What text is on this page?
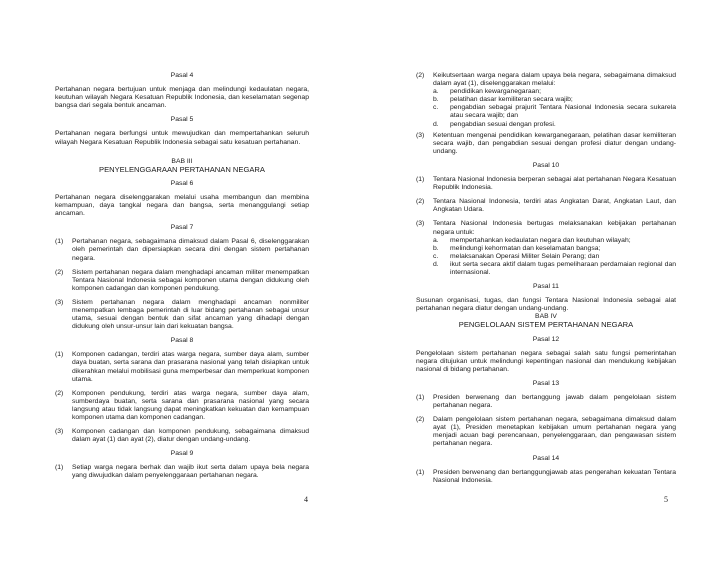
Pasal 4
Pertahanan negara bertujuan untuk menjaga dan melindungi kedaulatan negara, keutuhan wilayah Negara Kesatuan Republik Indonesia, dan keselamatan segenap bangsa dari segala bentuk ancaman.
Pasal 5
Pertahanan negara berfungsi untuk mewujudkan dan mempertahankan seluruh wilayah Negara Kesatuan Republik Indonesia sebagai satu kesatuan pertahanan.
BAB III
PENYELENGGARAAN PERTAHANAN NEGARA
Pasal 6
Pertahanan negara diselenggarakan melalui usaha membangun dan membina kemampuan, daya tangkal negara dan bangsa, serta menanggulangi setiap ancaman.
Pasal 7
(1)	Pertahanan negara, sebagaimana dimaksud dalam Pasal 6, diselenggarakan oleh pemerintah dan dipersiapkan secara dini dengan sistem pertahanan negara.
(2)	Sistem pertahanan negara dalam menghadapi ancaman militer menempatkan Tentara Nasional Indonesia sebagai komponen utama dengan didukung oleh komponen cadangan dan komponen pendukung.
(3)	Sistem pertahanan negara dalam menghadapi ancaman nonmiliter menempatkan lembaga pemerintah di luar bidang pertahanan sebagai unsur utama, sesuai dengan bentuk dan sifat ancaman yang dihadapi dengan didukung oleh unsur-unsur lain dari kekuatan bangsa.
Pasal 8
(1)	Komponen cadangan, terdiri atas warga negara, sumber daya alam, sumber daya buatan, serta sarana dan prasarana nasional yang telah disiapkan untuk dikerahkan melalui mobilisasi guna memperbesar dan memperkuat komponen utama.
(2)	Komponen pendukung, terdiri atas warga negara, sumber daya alam, sumberdaya buatan, serta sarana dan prasarana nasional yang secara langsung atau tidak langsung dapat meningkatkan kekuatan dan kemampuan komponen utama dan komponen cadangan.
(3)	Komponen cadangan dan komponen pendukung, sebagaimana dimaksud dalam ayat (1) dan ayat (2), diatur dengan undang-undang.
Pasal 9
(1)	Setiap warga negara berhak dan wajib ikut serta dalam upaya bela negara yang diwujudkan dalam penyelenggaraan pertahanan negara.
4
(2)	Keikutsertaan warga negara dalam upaya bela negara, sebagaimana dimaksud dalam ayat (1), diselenggarakan melalui:
a.	pendidikan kewarganegaraan;
b.	pelatihan dasar kemiliteran secara wajib;
c.	pengabdian sebagai prajurit Tentara Nasional Indonesia secara sukarela atau secara wajib; dan
d.	pengabdian sesuai dengan profesi.
(3)	Ketentuan mengenai pendidikan kewarganegaraan, pelatihan dasar kemiliteran secara wajib, dan pengabdian sesuai dengan profesi diatur dengan undang-undang.
Pasal 10
(1)	Tentara Nasional Indonesia berperan sebagai alat pertahanan Negara Kesatuan Republik Indonesia.
(2)	Tentara Nasional Indonesia, terdiri atas Angkatan Darat, Angkatan Laut, dan Angkatan Udara.
(3)	Tentara Nasional Indonesia bertugas melaksanakan kebijakan pertahanan negara untuk:
a.	mempertahankan kedaulatan negara dan keutuhan wilayah;
b.	melindungi kehormatan dan keselamatan bangsa;
c.	melaksanakan Operasi Militer Selain Perang; dan
d.	ikut serta secara aktif dalam tugas pemeliharaan perdamaian regional dan internasional.
Pasal 11
Susunan organisasi, tugas, dan fungsi Tentara Nasional Indonesia sebagai alat pertahanan negara diatur dengan undang-undang.
BAB IV
PENGELOLAAN SISTEM PERTAHANAN NEGARA
Pasal 12
Pengelolaan sistem pertahanan negara sebagai salah satu fungsi pemerintahan negara ditujukan untuk melindungi kepentingan nasional dan mendukung kebijakan nasional di bidang pertahanan.
Pasal 13
(1)	Presiden berwenang dan bertanggung jawab dalam pengelolaan sistem pertahanan negara.
(2)	Dalam pengelolaan sistem pertahanan negara, sebagaimana dimaksud dalam ayat (1), Presiden menetapkan kebijakan umum pertahanan negara yang menjadi acuan bagi perencanaan, penyelenggaraan, dan pengawasan sistem pertahanan negara.
Pasal 14
(1)	Presiden berwenang dan bertanggungjawab atas pengerahan kekuatan Tentara Nasional Indonesia.
5
